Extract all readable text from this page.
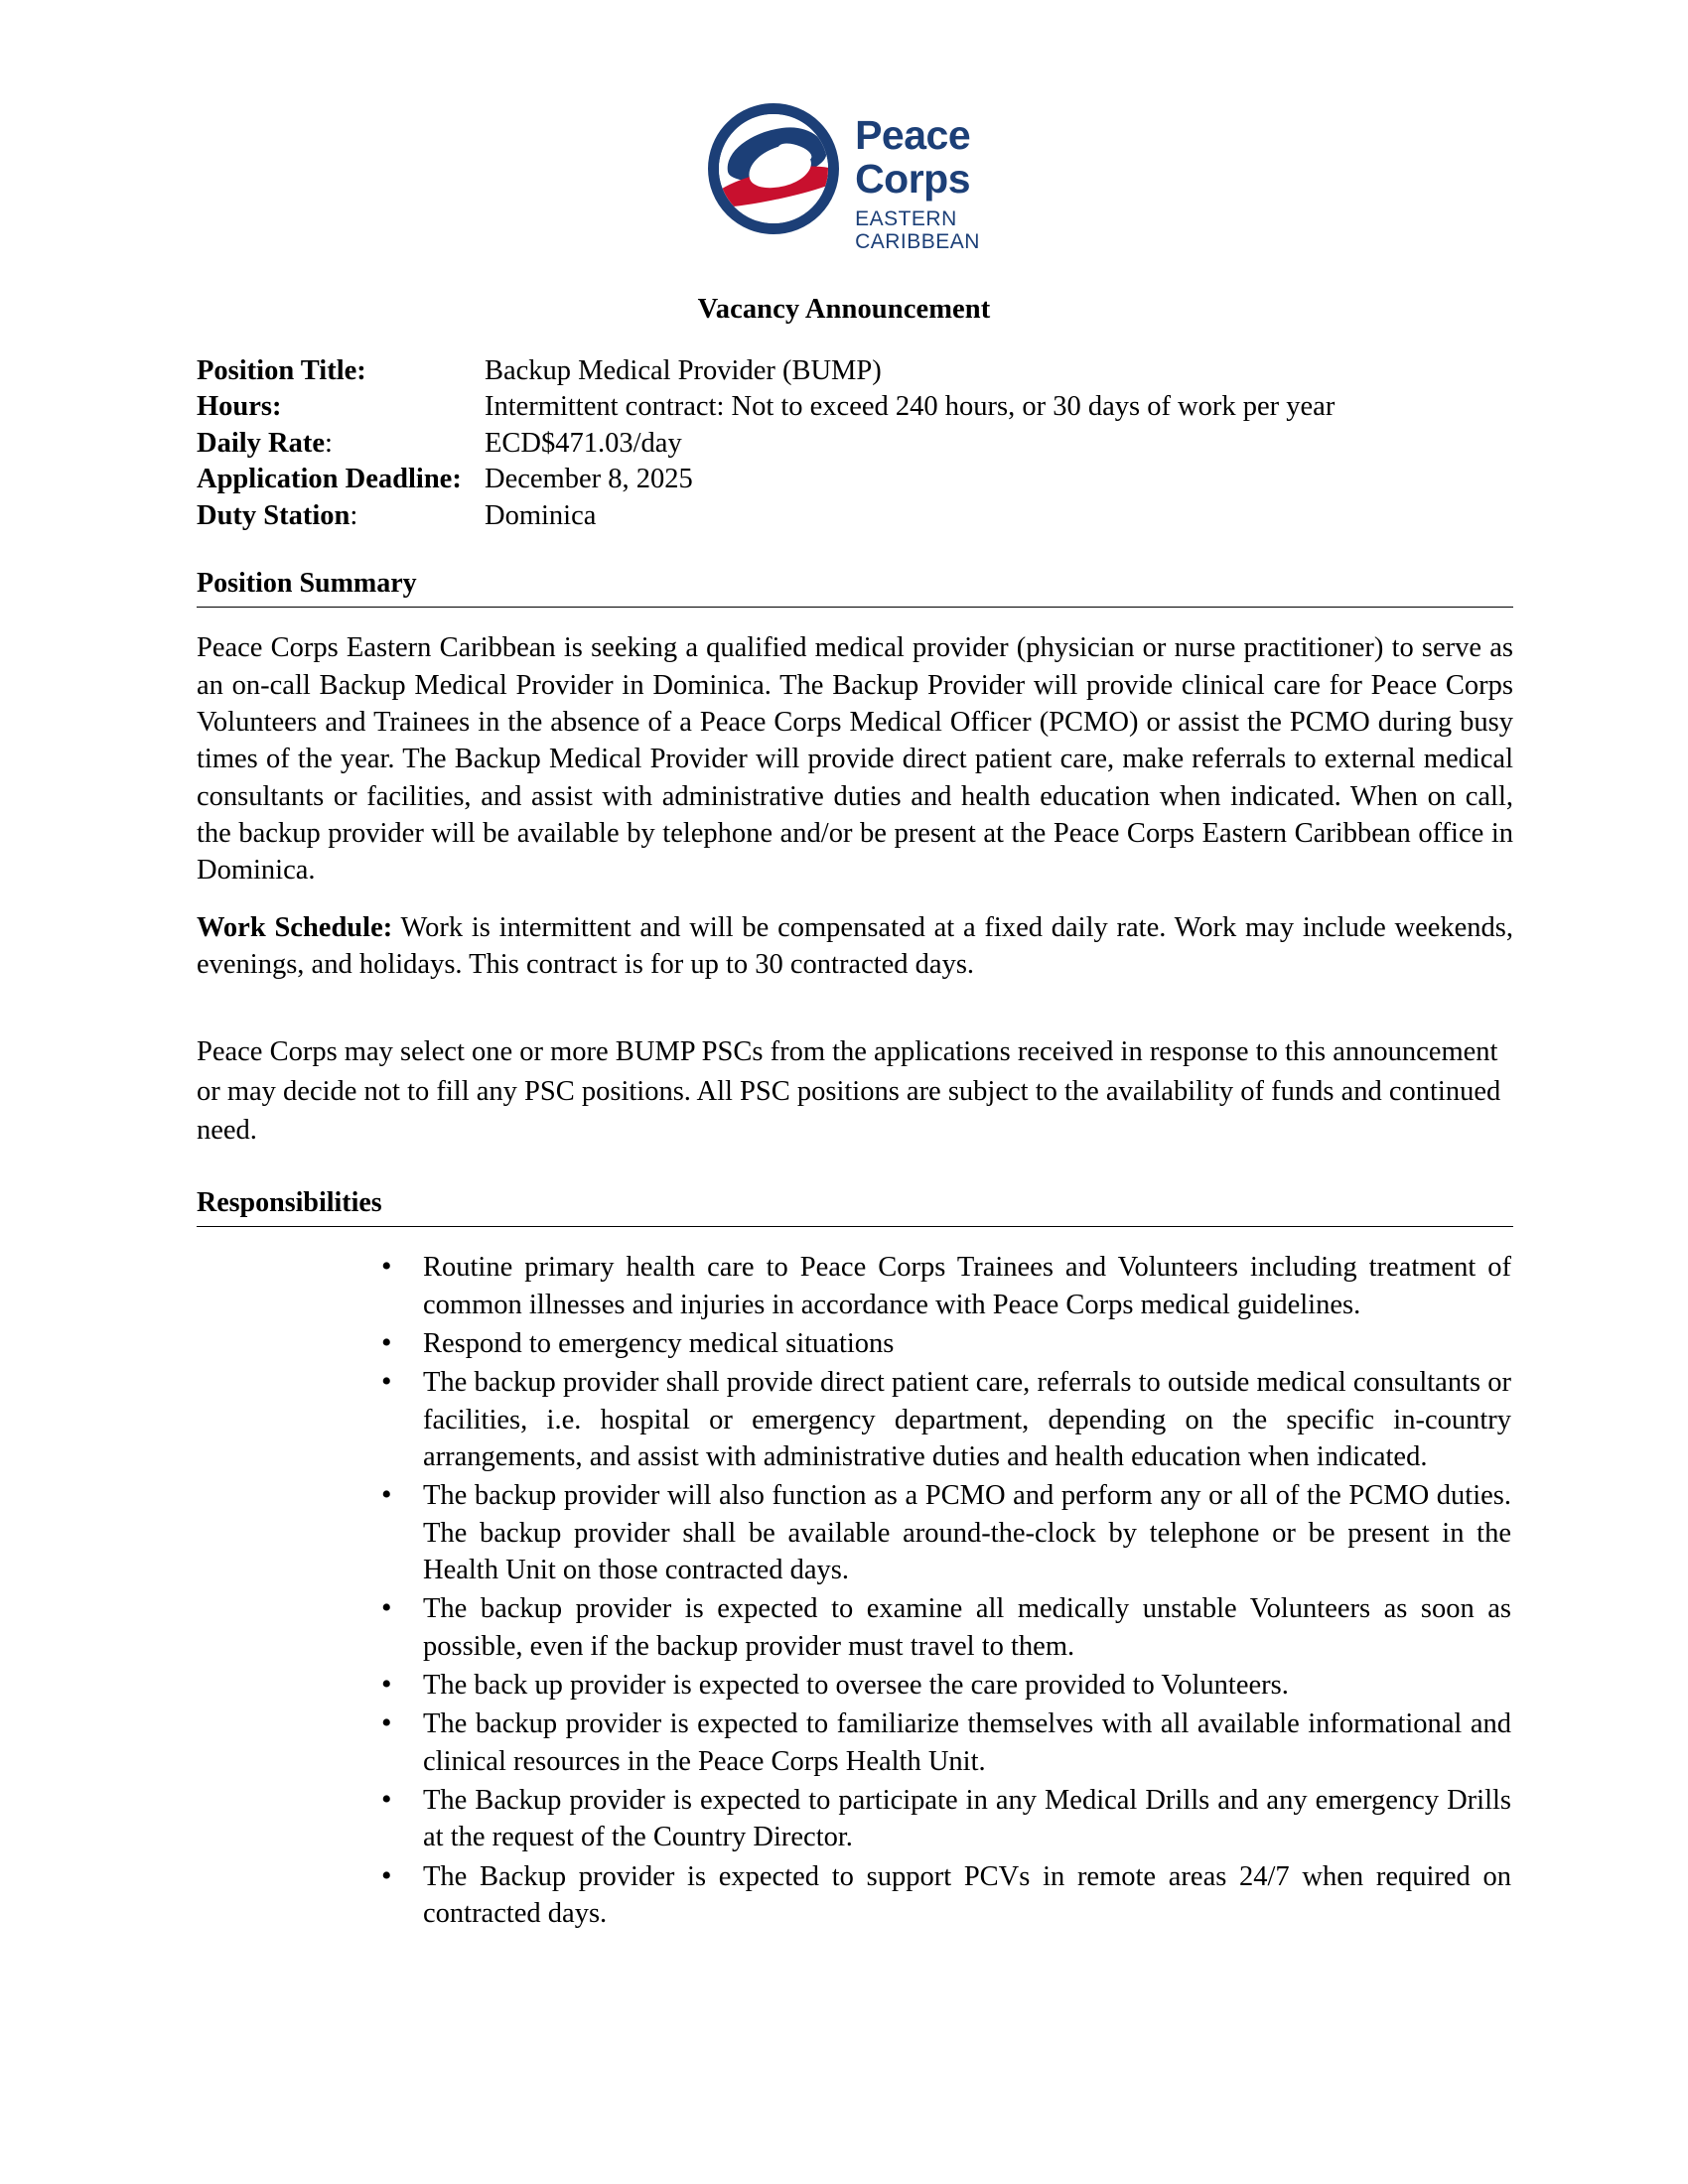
Peace
Corps
EASTERN
CARIBBEAN
Vacancy Announcement
Position Title:	Backup Medical Provider (BUMP)
Hours:	Intermittent contract: Not to exceed 240 hours, or 30 days of work per year
Daily Rate:	ECD$471.03/day
Application Deadline: December 8, 2025
Duty Station:	Dominica
Position Summary

Peace Corps Eastern Caribbean is seeking a qualified medical provider (physician or nurse practitioner) to serve as an on-call Backup Medical Provider in Dominica. The Backup Provider will provide clinical care for Peace Corps Volunteers and Trainees in the absence of a Peace Corps Medical Officer (PCMO) or assist the PCMO during busy times of the year. The Backup Medical Provider will provide direct patient care, make referrals to external medical consultants or facilities, and assist with administrative duties and health education when indicated. When on call, the backup provider will be available by telephone and/or be present at the Peace Corps Eastern Caribbean office in Dominica.

Work Schedule: Work is intermittent and will be compensated at a fixed daily rate. Work may include weekends, evenings, and holidays. This contract is for up to 30 contracted days.

Peace Corps may select one or more BUMP PSCs from the applications received in response to this announcement or may decide not to fill any PSC positions. All PSC positions are subject to the availability of funds and continued need.

Responsibilities
• Routine primary health care to Peace Corps Trainees and Volunteers including treatment of common illnesses and injuries in accordance with Peace Corps medical guidelines.
• Respond to emergency medical situations
• The backup provider shall provide direct patient care, referrals to outside medical consultants or facilities, i.e. hospital or emergency department, depending on the specific in-country arrangements, and assist with administrative duties and health education when indicated.
• The backup provider will also function as a PCMO and perform any or all of the PCMO duties. The backup provider shall be available around-the-clock by telephone or be present in the Health Unit on those contracted days.
• The backup provider is expected to examine all medically unstable Volunteers as soon as possible, even if the backup provider must travel to them.
• The back up provider is expected to oversee the care provided to Volunteers.
• The backup provider is expected to familiarize themselves with all available informational and clinical resources in the Peace Corps Health Unit.
• The Backup provider is expected to participate in any Medical Drills and any emergency Drills at the request of the Country Director.
• The Backup provider is expected to support PCVs in remote areas 24/7 when required on contracted days.
